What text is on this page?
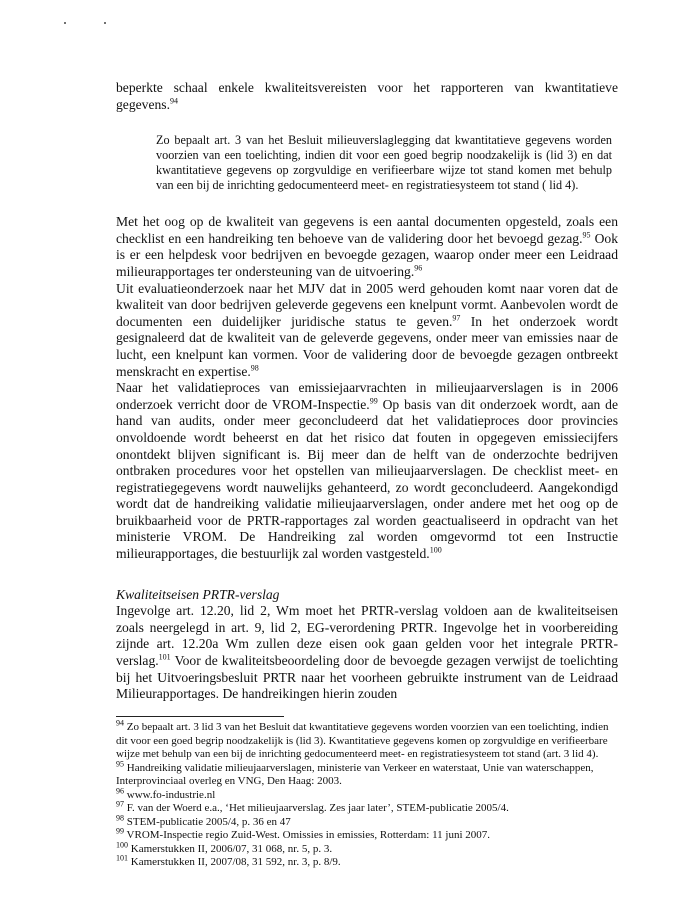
beperkte schaal enkele kwaliteitsvereisten voor het rapporteren van kwantitatieve gegevens.$^{94}$

Zo bepaalt art. 3 van het Besluit milieuverslaglegging dat kwantitatieve gegevens worden voorzien van een toelichting, indien dit voor een goed begrip noodzakelijk is (lid 3) en dat kwantitatieve gegevens op zorgvuldige en verifieerbare wijze tot stand komen met behulp van een bij de inrichting gedocumenteerd meet- en registratiesysteem tot stand ( lid 4).

Met het oog op de kwaliteit van gegevens is een aantal documenten opgesteld, zoals een checklist en een handreiking ten behoeve van de validering door het bevoegd gezag.$^{95}$ Ook is er een helpdesk voor bedrijven en bevoegde gezagen, waarop onder meer een Leidraad milieurapportages ter ondersteuning van de uitvoering.$^{96}$

Uit evaluatieonderzoek naar het MJV dat in 2005 werd gehouden komt naar voren dat de kwaliteit van door bedrijven geleverde gegevens een knelpunt vormt. Aanbevolen wordt de documenten een duidelijker juridische status te geven.$^{97}$ In het onderzoek wordt gesignaleerd dat de kwaliteit van de geleverde gegevens, onder meer van emissies naar de lucht, een knelpunt kan vormen. Voor de validering door de bevoegde gezagen ontbreekt menskracht en expertise.$^{98}$

Naar het validatieproces van emissiejaarvrachten in milieujaarverslagen is in 2006 onderzoek verricht door de VROM-Inspectie.$^{99}$ Op basis van dit onderzoek wordt, aan de hand van audits, onder meer geconcludeerd dat het validatieproces door provincies onvoldoende wordt beheerst en dat het risico dat fouten in opgegeven emissiecijfers onontdekt blijven significant is. Bij meer dan de helft van de onderzochte bedrijven ontbraken procedures voor het opstellen van milieujaarverslagen. De checklist meet- en registratiegegevens wordt nauwelijks gehanteerd, zo wordt geconcludeerd. Aangekondigd wordt dat de handreiking validatie milieujaarverslagen, onder andere met het oog op de bruikbaarheid voor de PRTR-rapportages zal worden geactualiseerd in opdracht van het ministerie VROM. De Handreiking zal worden omgevormd tot een Instructie milieurapportages, die bestuurlijk zal worden vastgesteld.$^{100}$

Kwaliteitseisen PRTR-verslag

Ingevolge art. 12.20, lid 2, Wm moet het PRTR-verslag voldoen aan de kwaliteitseisen zoals neergelegd in art. 9, lid 2, EG-verordening PRTR. Ingevolge het in voorbereiding zijnde art. 12.20a Wm zullen deze eisen ook gaan gelden voor het integrale PRTR-verslag.$^{101}$ Voor de kwaliteitsbeoordeling door de bevoegde gezagen verwijst de toelichting bij het Uitvoeringsbesluit PRTR naar het voorheen gebruikte instrument van de Leidraad Milieurapportages. De handreikingen hierin zouden

$^{94}$ Zo bepaalt art. 3 lid 3 van het Besluit dat kwantitatieve gegevens worden voorzien van een toelichting, indien dit voor een goed begrip noodzakelijk is (lid 3). Kwantitatieve gegevens komen op zorgvuldige en verifieerbare wijze met behulp van een bij de inrichting gedocumenteerd meet- en registratiesysteem tot stand (art. 3 lid 4).

$^{95}$ Handreiking validatie milieujaarverslagen, ministerie van Verkeer en waterstaat, Unie van waterschappen, Interprovinciaal overleg en VNG, Den Haag: 2003.

$^{96}$ www.fo-industrie.nl

$^{97}$ F. van der Woerd e.a., ‘Het milieujaarverslag. Zes jaar later’, STEM-publicatie 2005/4.

$^{98}$ STEM-publicatie 2005/4, p. 36 en 47

$^{99}$ VROM-Inspectie regio Zuid-West. Omissies in emissies, Rotterdam: 11 juni 2007.

$^{100}$ Kamerstukken II, 2006/07, 31 068, nr. 5, p. 3.

$^{101}$ Kamerstukken II, 2007/08, 31 592, nr. 3, p. 8/9.
